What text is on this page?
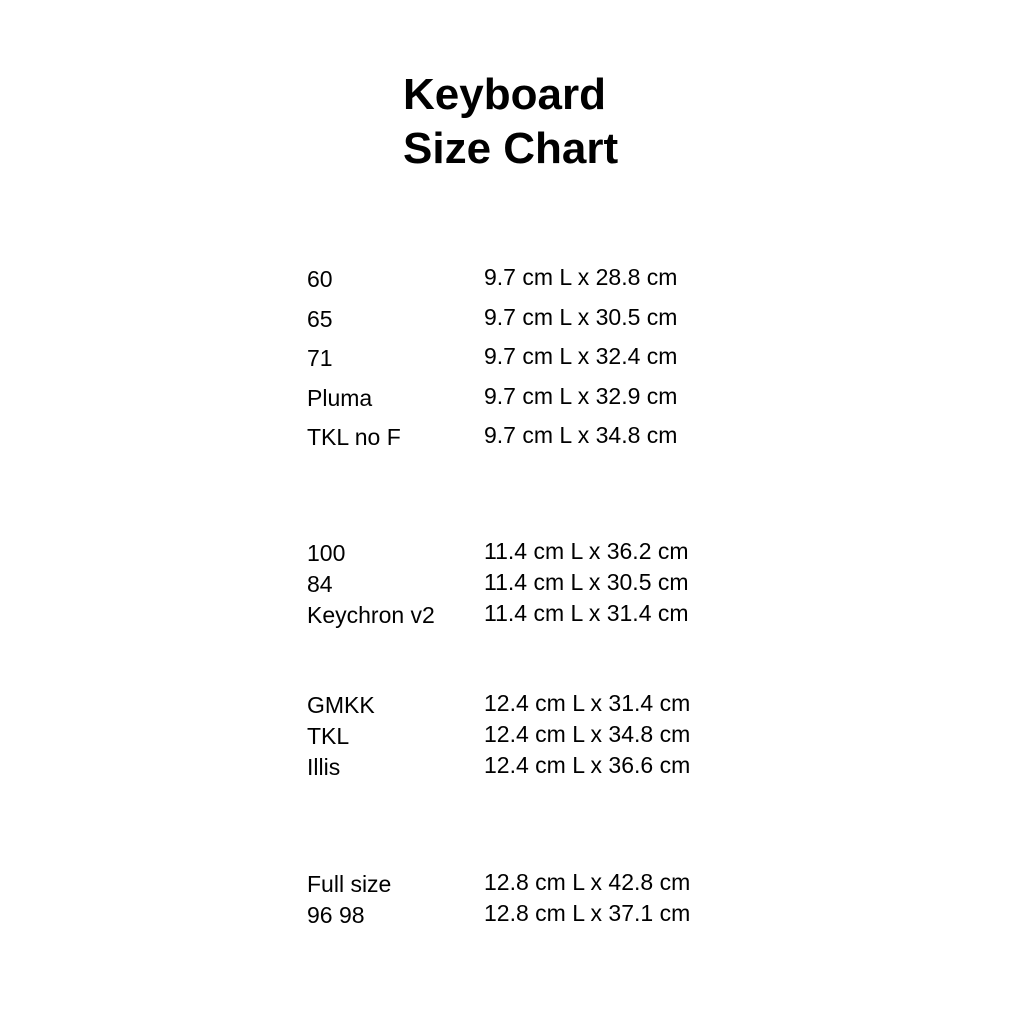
Keyboard
Size Chart
60	9.7 cm L x 28.8 cm
65	9.7 cm L x 30.5 cm
71	9.7 cm L x 32.4 cm
Pluma	9.7 cm L x 32.9 cm
TKL no F	9.7 cm L x 34.8 cm
100	11.4 cm L x 36.2 cm
84	11.4 cm L x 30.5 cm
Keychron v2 11.4 cm L x 31.4 cm
GMKK	12.4 cm L x 31.4 cm
TKL	12.4 cm L x 34.8 cm
Illis	12.4 cm L x 36.6 cm
Full size	12.8 cm L x 42.8 cm
96 98	12.8 cm L x 37.1 cm
